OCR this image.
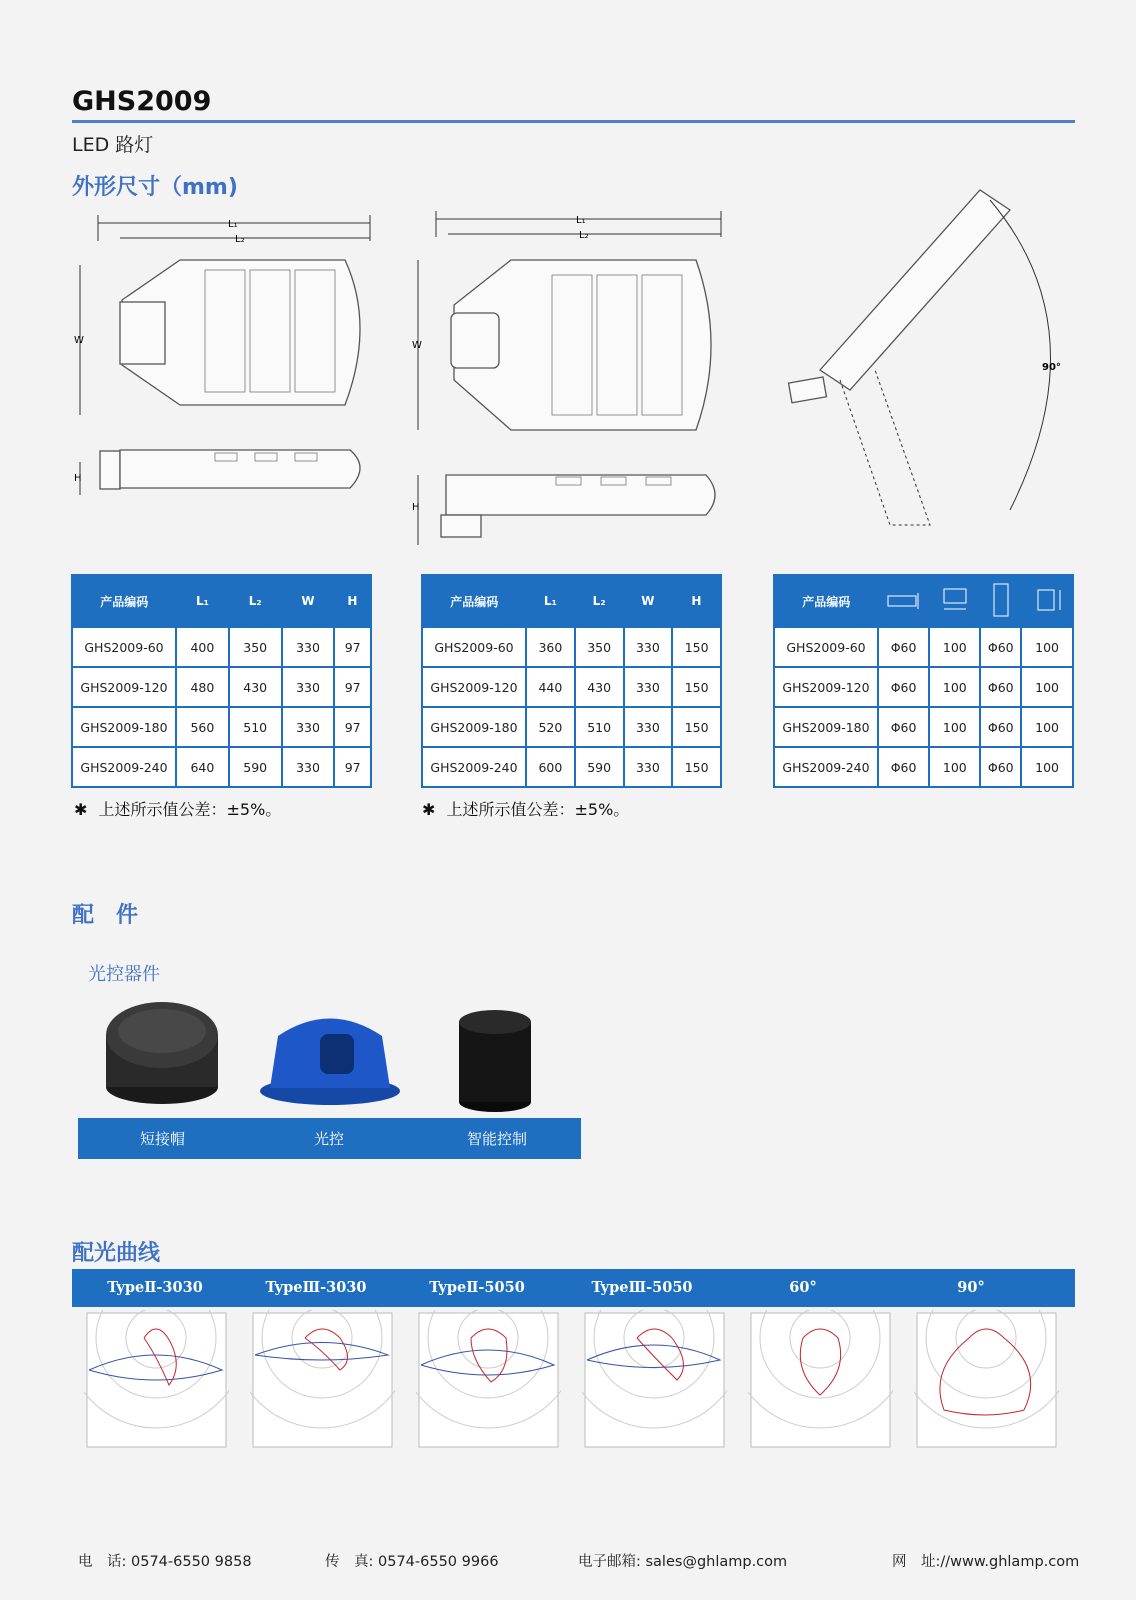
GHS2009
LED 路灯
外形尺寸（mm)
L₁
L₂
W
H
L₁
L₂
W
H
90°
产品编码	L₁	L₂	W	H
GHS2009-60	400	350	330	97
GHS2009-120	480	430	330	97
GHS2009-180	560	510	330	97
GHS2009-240	640	590	330	97
✱ 上述所示值公差：±5%。
产品编码	L₁	L₂	W	H
GHS2009-60	360	350	330	150
GHS2009-120	440	430	330	150
GHS2009-180	520	510	330	150
GHS2009-240	600	590	330	150
✱ 上述所示值公差：±5%。
产品编码				
GHS2009-60	Φ60	100	Φ60	100
GHS2009-120	Φ60	100	Φ60	100
GHS2009-180	Φ60	100	Φ60	100
GHS2009-240	Φ60	100	Φ60	100
配　件
光控器件
短接帽	光控	智能控制
配光曲线
TypeⅡ-3030	TypeⅢ-3030	TypeⅡ-5050	TypeⅢ-5050	60°	90°
电　话: 0574-6550 9858	传　真: 0574-6550 9966	电子邮箱: sales@ghlamp.com	网　址://www.ghlamp.com
